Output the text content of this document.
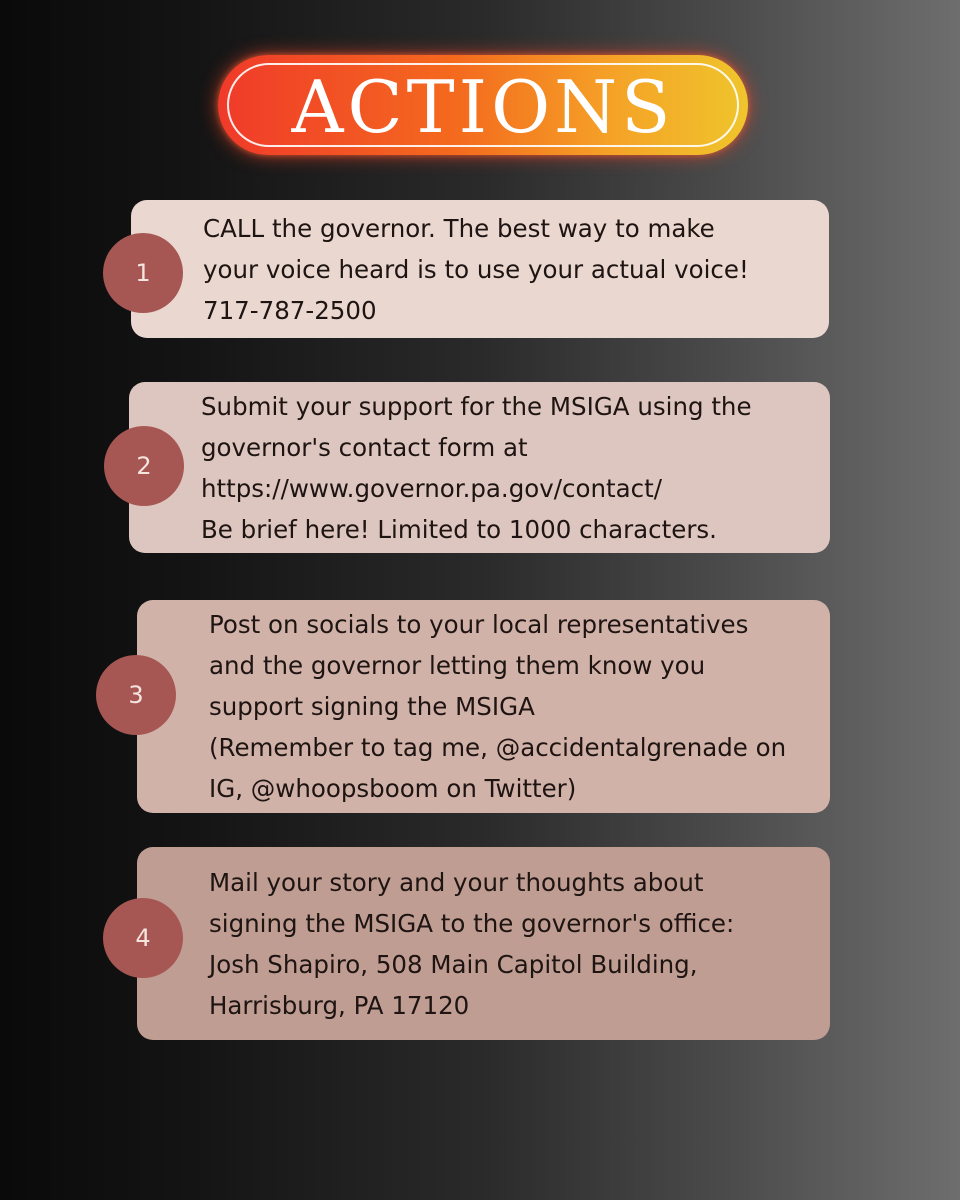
ACTIONS
CALL the governor. The best way to make
your voice heard is to use your actual voice!
717-787-2500
1
Submit your support for the MSIGA using the
governor's contact form at
https://www.governor.pa.gov/contact/
Be brief here! Limited to 1000 characters.
2
Post on socials to your local representatives
and the governor letting them know you
support signing the MSIGA
(Remember to tag me, @accidentalgrenade on
IG, @whoopsboom on Twitter)
3
Mail your story and your thoughts about
signing the MSIGA to the governor's office:
Josh Shapiro, 508 Main Capitol Building,
Harrisburg, PA 17120
4
